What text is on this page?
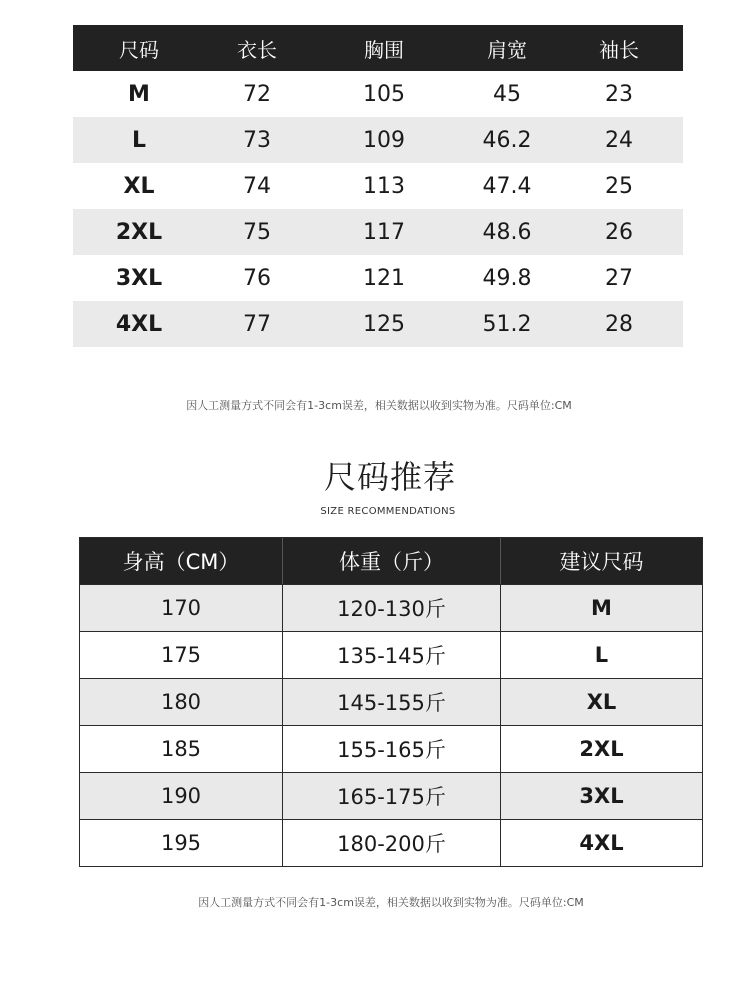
尺码	衣长	胸围	肩宽	袖长
M	72	105	45	23
L	73	109	46.2	24
XL	74	113	47.4	25
2XL	75	117	48.6	26
3XL	76	121	49.8	27
4XL	77	125	51.2	28
因人工测量方式不同会有1-3cm误差，相关数据以收到实物为准。尺码单位:CM
尺码推荐
SIZE RECOMMENDATIONS
身高（CM）	体重（斤）	建议尺码
170	120-130斤	M
175	135-145斤	L
180	145-155斤	XL
185	155-165斤	2XL
190	165-175斤	3XL
195	180-200斤	4XL
因人工测量方式不同会有1-3cm误差，相关数据以收到实物为准。尺码单位:CM
